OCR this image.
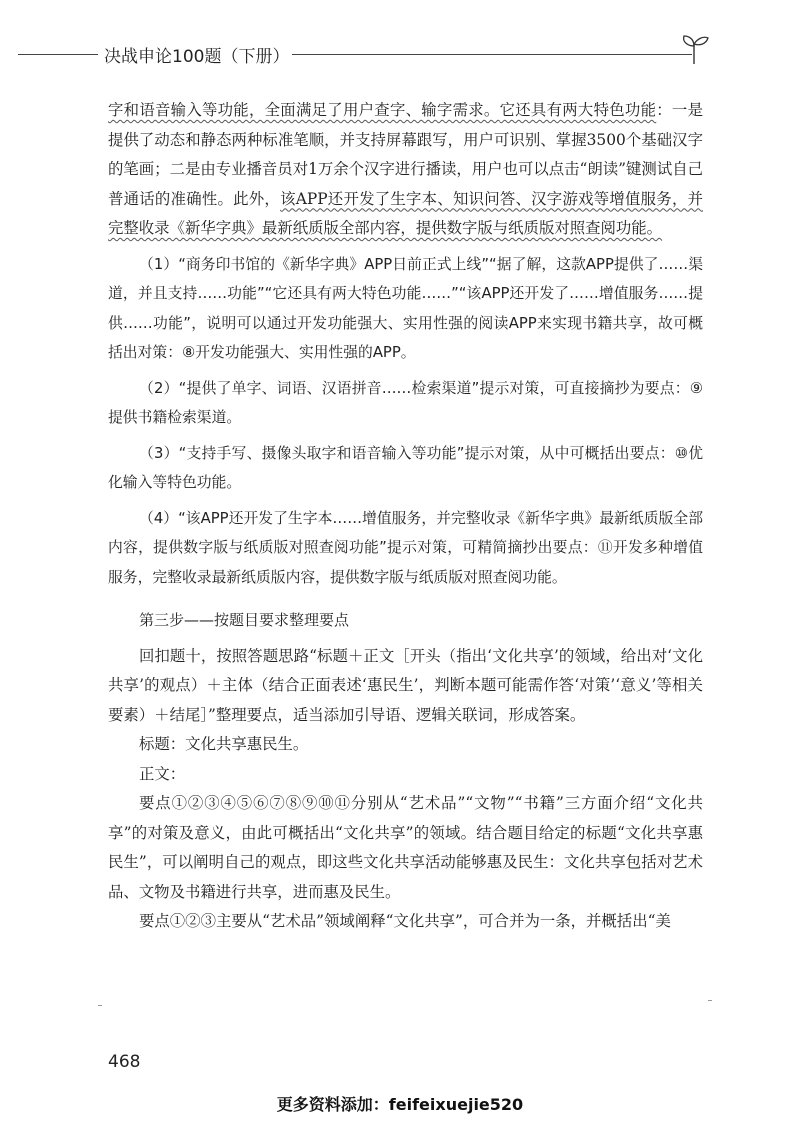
决战申论100题（下册）

字和语音输入等功能，全面满足了用户查字、输字需求。它还具有两大特色功能：一是提供了动态和静态两种标准笔顺，并支持屏幕跟写，用户可识别、掌握3500个基础汉字的笔画；二是由专业播音员对1万余个汉字进行播读，用户也可以点击“朗读”键测试自己普通话的准确性。此外，该APP还开发了生字本、知识问答、汉字游戏等增值服务，并完整收录《新华字典》最新纸质版全部内容，提供数字版与纸质版对照查阅功能。

（1）“商务印书馆的《新华字典》APP日前正式上线”“据了解，这款APP提供了……渠道，并且支持……功能”“它还具有两大特色功能……”“该APP还开发了……增值服务……提供……功能”，说明可以通过开发功能强大、实用性强的阅读APP来实现书籍共享，故可概括出对策：⑧开发功能强大、实用性强的APP。

（2）“提供了单字、词语、汉语拼音……检索渠道”提示对策，可直接摘抄为要点：⑨提供书籍检索渠道。

（3）“支持手写、摄像头取字和语音输入等功能”提示对策，从中可概括出要点：⑩优化输入等特色功能。

（4）“该APP还开发了生字本……增值服务，并完整收录《新华字典》最新纸质版全部内容，提供数字版与纸质版对照查阅功能”提示对策，可精简摘抄出要点：⑪开发多种增值服务，完整收录最新纸质版内容，提供数字版与纸质版对照查阅功能。

第三步——按题目要求整理要点

回扣题十，按照答题思路“标题＋正文［开头（指出‘文化共享’的领域，给出对‘文化共享’的观点）＋主体（结合正面表述‘惠民生’，判断本题可能需作答‘对策’‘意义’等相关要素）＋结尾］”整理要点，适当添加引导语、逻辑关联词，形成答案。

标题：文化共享惠民生。

正文：

要点①②③④⑤⑥⑦⑧⑨⑩⑪分别从“艺术品”“文物”“书籍”三方面介绍“文化共享”的对策及意义，由此可概括出“文化共享”的领域。结合题目给定的标题“文化共享惠民生”，可以阐明自己的观点，即这些文化共享活动能够惠及民生：文化共享包括对艺术品、文物及书籍进行共享，进而惠及民生。

要点①②③主要从“艺术品”领域阐释“文化共享”，可合并为一条，并概括出“美

468
更多资料添加：feifeixuejie520
